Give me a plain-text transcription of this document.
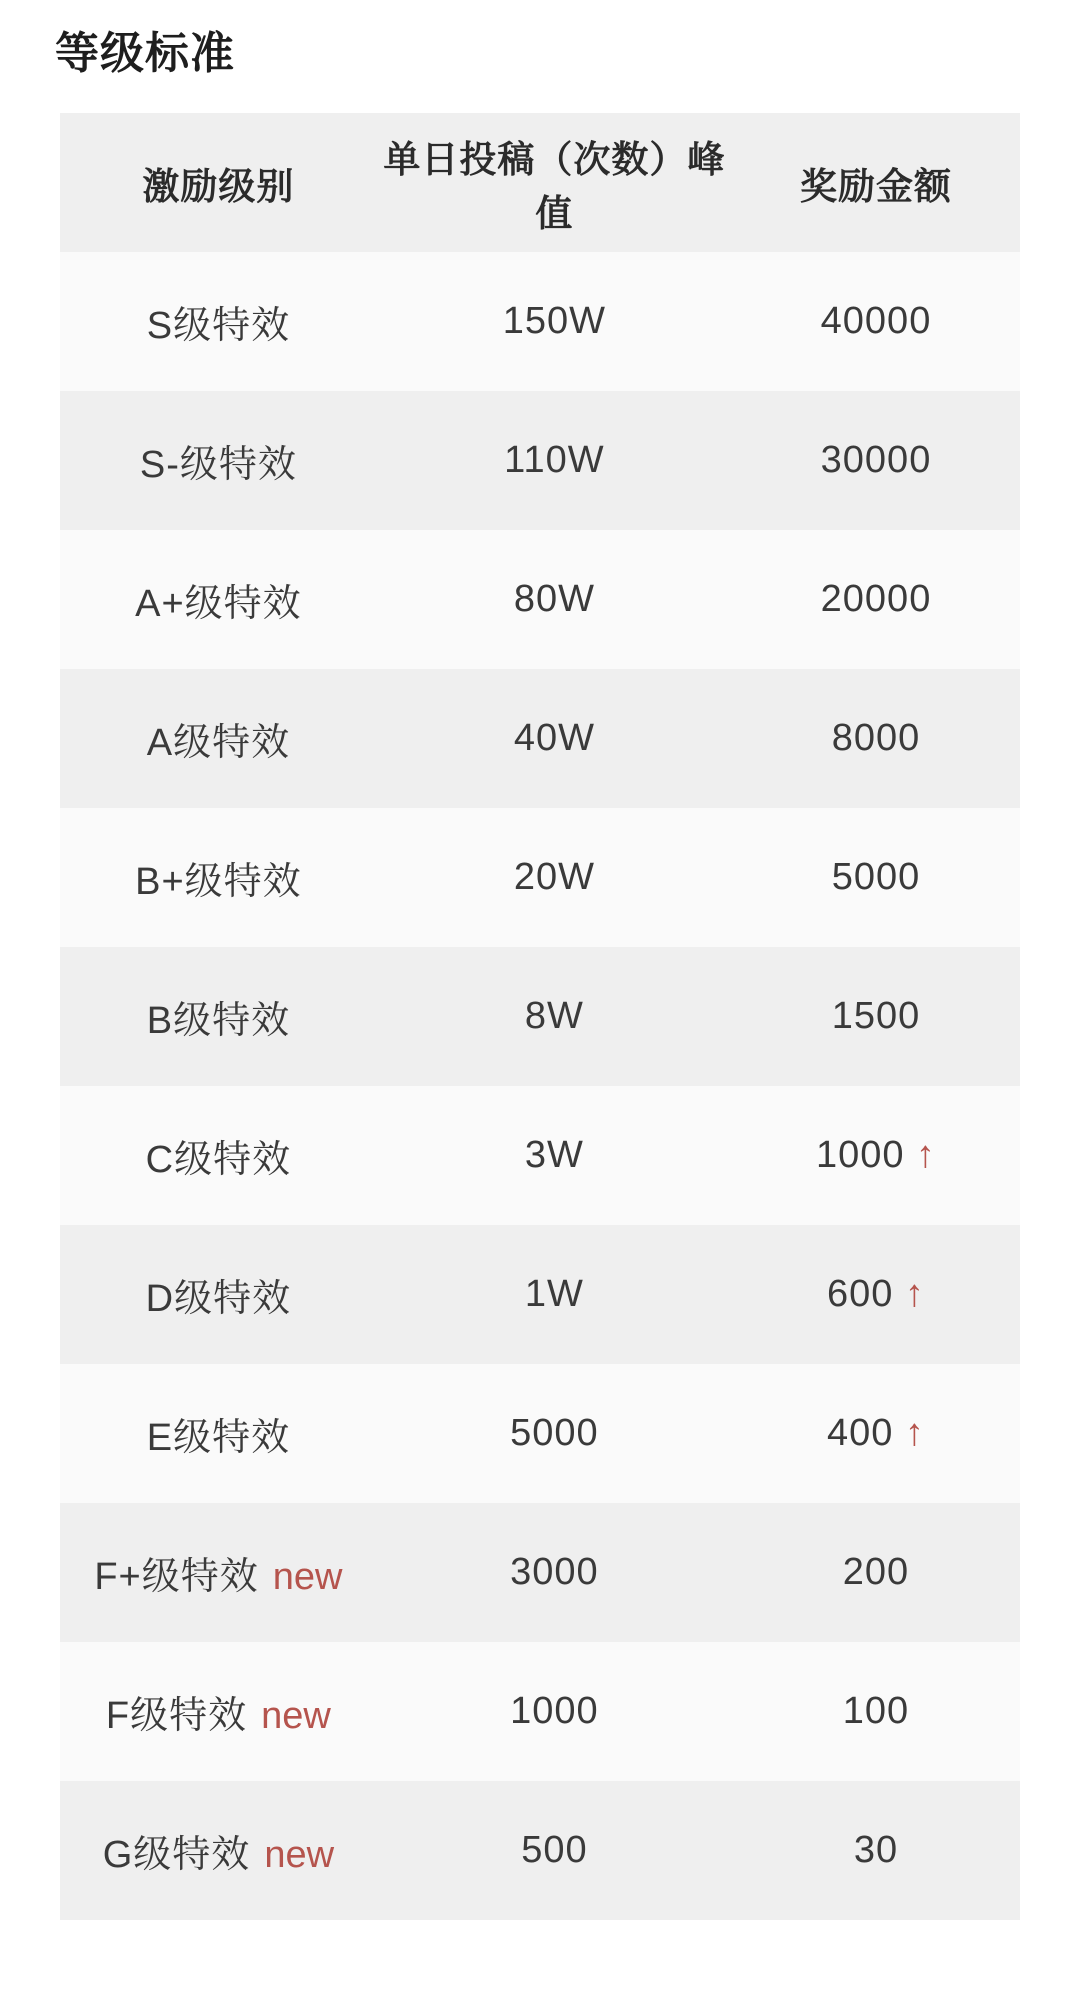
等级标准
激励级别	单日投稿（次数）峰值	奖励金额
S级特效	150W	40000
S-级特效	110W	30000
A+级特效	80W	20000
A级特效	40W	8000
B+级特效	20W	5000
B级特效	8W	1500
C级特效	3W	1000 ↑
D级特效	1W	600 ↑
E级特效	5000	400 ↑
F+级特效 new	3000	200
F级特效 new	1000	100
G级特效 new	500	30
